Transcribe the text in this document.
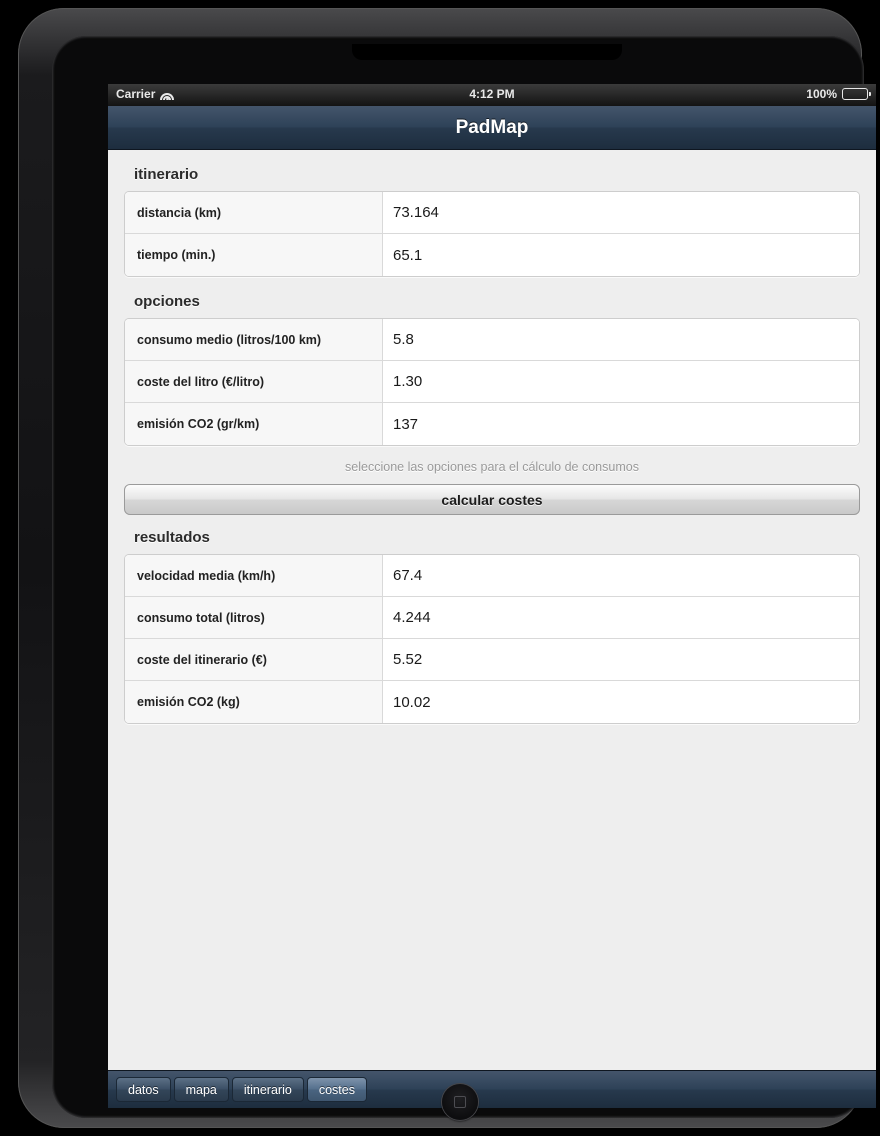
Carrier	4:12 PM	100%
PadMap
itinerario
distancia (km)	73.164
tiempo (min.)	65.1
opciones
consumo medio (litros/100 km)	5.8
coste del litro (€/litro)	1.30
emisión CO2 (gr/km)	137
seleccione las opciones para el cálculo de consumos
calcular costes
resultados
velocidad media (km/h)	67.4
consumo total (litros)	4.244
coste del itinerario (€)	5.52
emisión CO2 (kg)	10.02
datos	mapa	itinerario	costes
